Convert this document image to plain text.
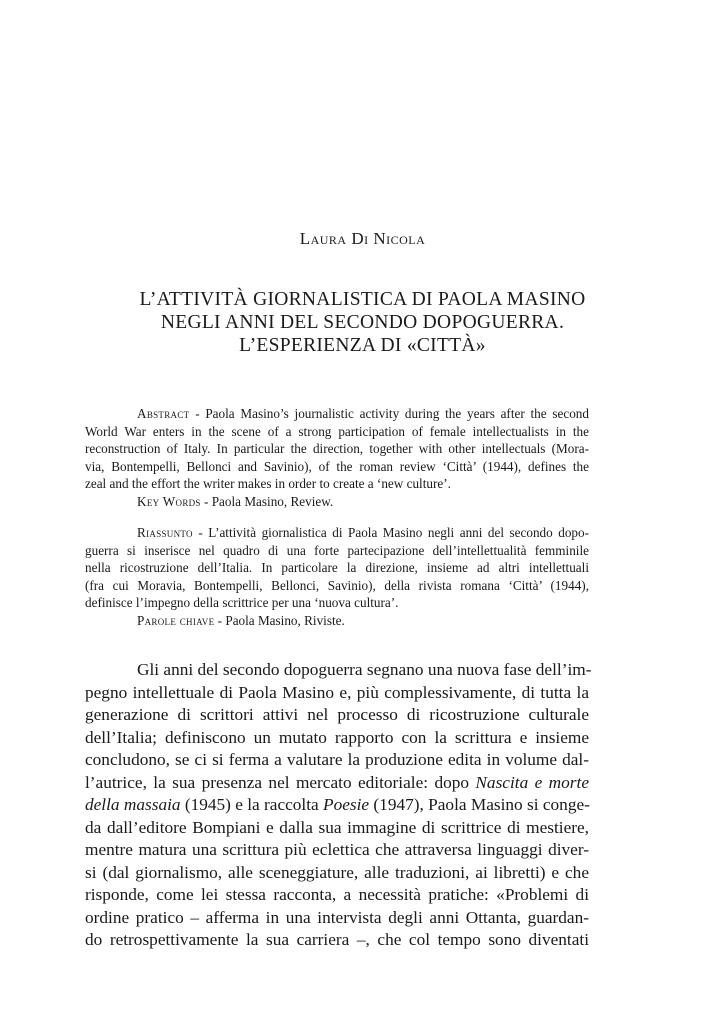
Laura Di Nicola
L’ATTIVITÀ GIORNALISTICA DI PAOLA MASINO
NEGLI ANNI DEL SECONDO DOPOGUERRA.
L’ESPERIENZA DI «CITTÀ»
Abstract - Paola Masino’s journalistic activity during the years after the second
World War enters in the scene of a strong participation of female intellectualists in the
reconstruction of Italy. In particular the direction, together with other intellectuals (Mora-
via, Bontempelli, Bellonci and Savinio), of the roman review ‘Città’ (1944), defines the
zeal and the effort the writer makes in order to create a ‘new culture’.
Key Words - Paola Masino, Review.
Riassunto - L’attività giornalistica di Paola Masino negli anni del secondo dopo-
guerra si inserisce nel quadro di una forte partecipazione dell’intellettualità femminile
nella ricostruzione dell’Italia. In particolare la direzione, insieme ad altri intellettuali
(fra cui Moravia, Bontempelli, Bellonci, Savinio), della rivista romana ‘Città’ (1944),
definisce l’impegno della scrittrice per una ‘nuova cultura’.
Parole chiave - Paola Masino, Riviste.
Gli anni del secondo dopoguerra segnano una nuova fase dell’im-
pegno intellettuale di Paola Masino e, più complessivamente, di tutta la
generazione di scrittori attivi nel processo di ricostruzione culturale
dell’Italia; definiscono un mutato rapporto con la scrittura e insieme
concludono, se ci si ferma a valutare la produzione edita in volume dal-
l’autrice, la sua presenza nel mercato editoriale: dopo Nascita e morte
della massaia (1945) e la raccolta Poesie (1947), Paola Masino si conge-
da dall’editore Bompiani e dalla sua immagine di scrittrice di mestiere,
mentre matura una scrittura più eclettica che attraversa linguaggi diver-
si (dal giornalismo, alle sceneggiature, alle traduzioni, ai libretti) e che
risponde, come lei stessa racconta, a necessità pratiche: «Problemi di
ordine pratico – afferma in una intervista degli anni Ottanta, guardan-
do retrospettivamente la sua carriera –, che col tempo sono diventati
